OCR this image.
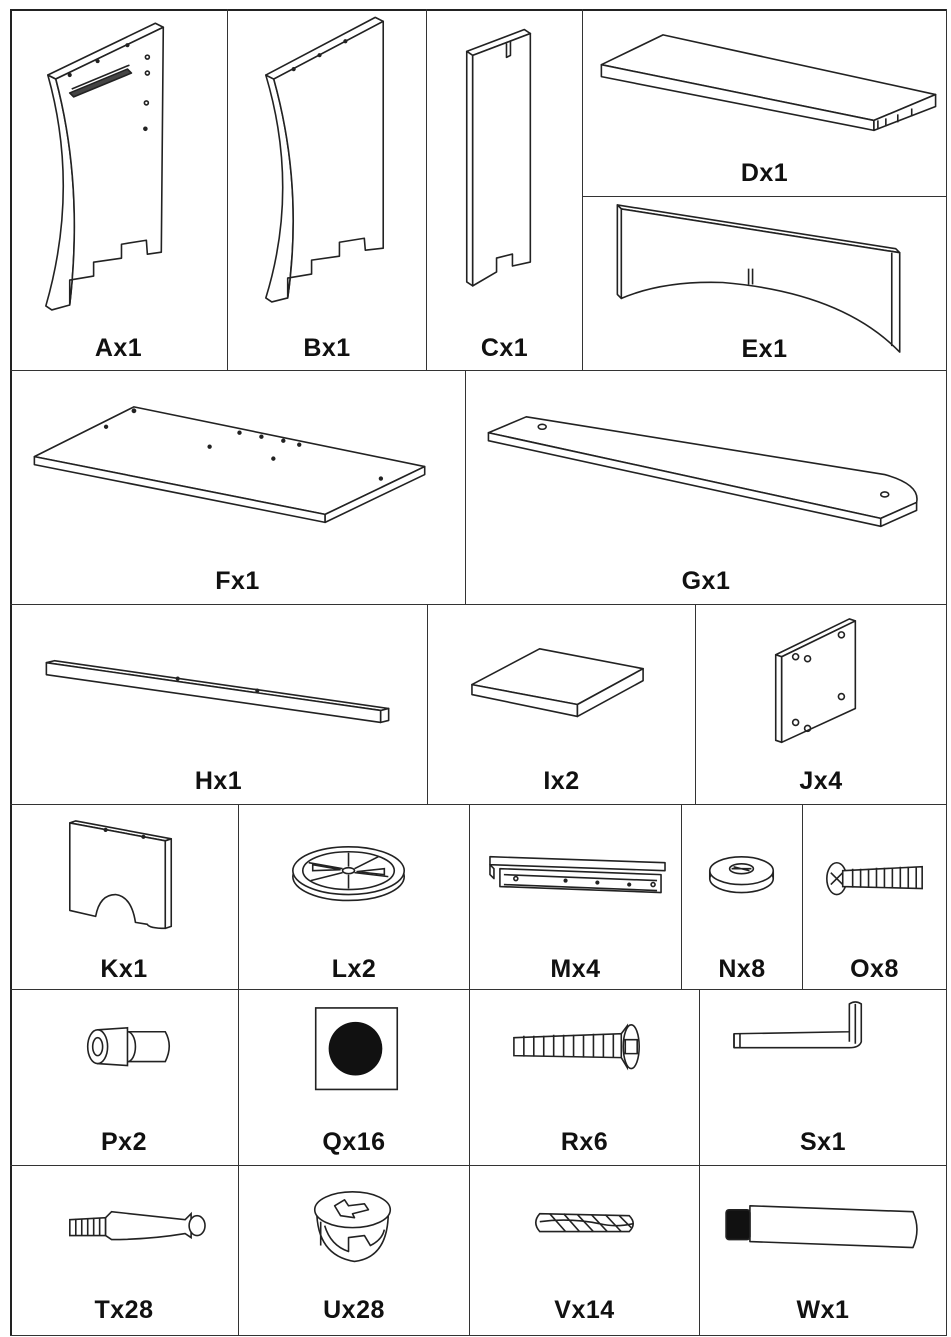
Ax1	Bx1	Cx1
Dx1
Ex1
Fx1	Gx1
Hx1	Ix2	Jx4
Kx1	Lx2	Mx4	Nx8	Ox8
Px2	Qx16	Rx6	Sx1
Tx28	Ux28	Vx14	Wx1
